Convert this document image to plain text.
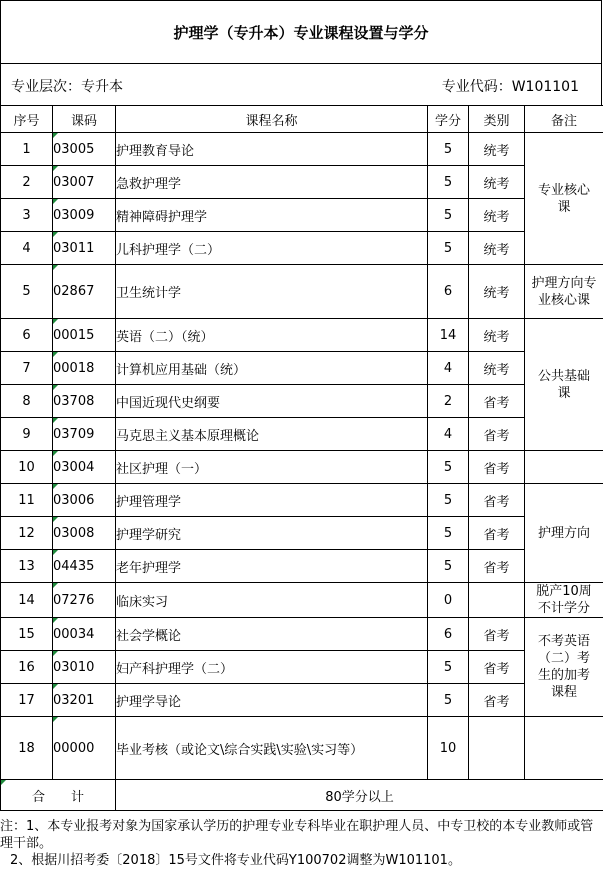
护理学（专升本）专业课程设置与学分
专业层次：专升本	专业代码：W101101
序号	课码	课程名称	学分	类别	备注
1	03005	护理教育导论	5	统考	专业核心课
2	03007	急救护理学	5	统考	
3	03009	精神障碍护理学	5	统考	
4	03011	儿科护理学（二）	5	统考	
5	02867	卫生统计学	6	统考	护理方向专业核心课
6	00015	英语（二）（统）	14	统考	公共基础课
7	00018	计算机应用基础（统）	4	统考	
8	03708	中国近现代史纲要	2	省考	
9	03709	马克思主义基本原理概论	4	省考	
10	03004	社区护理（一）	5	省考	
11	03006	护理管理学	5	省考	护理方向
12	03008	护理学研究	5	省考	
13	04435	老年护理学	5	省考	
14	07276	临床实习	0		脱产10周不计学分
15	00034	社会学概论	6	省考	不考英语（二）考生的加考课程
16	03010	妇产科护理学（二）	5	省考	
17	03201	护理学导论	5	省考	
18	00000	毕业考核（或论文\综合实践\实验\实习等）	10		
合　　计		80学分以上			

注：1、本专业报考对象为国家承认学历的护理专业专科毕业在职护理人员、中专卫校的本专业教师或管理干部。

2、根据川招考委〔2018〕15号文件将专业代码Y100702调整为W101101。
